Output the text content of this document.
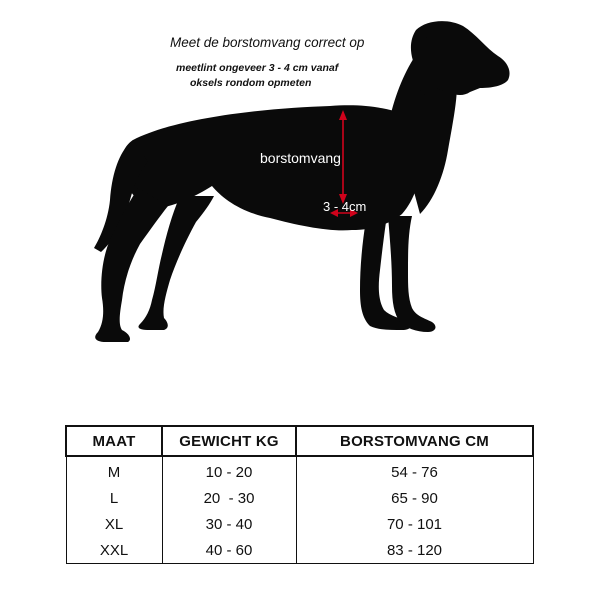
Meet de borstomvang correct op
meetlint ongeveer 3 - 4 cm vanaf
oksels rondom opmeten
borstomvang
3 - 4cm
MAAT	GEWICHT KG	BORSTOMVANG CM
M	10 - 20	54 - 76
L	20  - 30	65 - 90
XL	30 - 40	70 - 101
XXL	40 - 60	83 - 120
